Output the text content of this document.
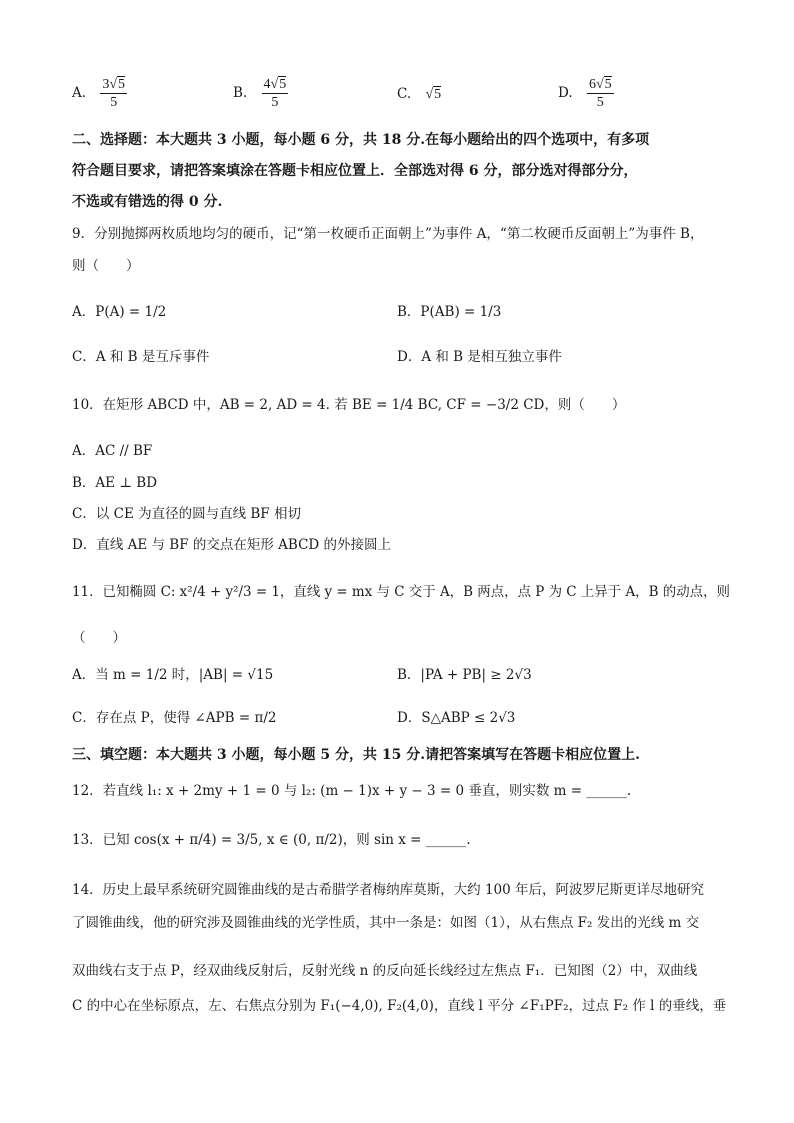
A. $\frac{3√5}{5}$	B. $\frac{4√5}{5}$	C. √5	D. $\frac{6√5}{5}$
二、选择题：本大题共 3 小题，每小题 6 分，共 18 分.在每小题给出的四个选项中，有多项
符合题目要求，请把答案填涂在答题卡相应位置上．全部选对得 6 分，部分选对得部分分，
不选或有错选的得 0 分.
9．分别抛掷两枚质地均匀的硬币，记“第一枚硬币正面朝上”为事件 A，“第二枚硬币反面朝上”为事件 B，
则（　　）
A．P(A) = 1/2	B．P(AB) = 1/3
C．A 和 B 是互斥事件	D．A 和 B 是相互独立事件
10．在矩形 ABCD 中，AB = 2, AD = 4. 若 BE = 1/4 BC, CF = −3/2 CD，则（　　）
A．AC // BF
B．AE ⊥ BD
C．以 CE 为直径的圆与直线 BF 相切
D．直线 AE 与 BF 的交点在矩形 ABCD 的外接圆上
11．已知椭圆 C: x²/4 + y²/3 = 1，直线 y = mx 与 C 交于 A，B 两点，点 P 为 C 上异于 A，B 的动点，则
（　　）
A．当 m = 1/2 时，|AB| = √15	B．|PA + PB| ≥ 2√3
C．存在点 P，使得 ∠APB = π/2	D．S△ABP ≤ 2√3
三、填空题：本大题共 3 小题，每小题 5 分，共 15 分.请把答案填写在答题卡相应位置上.
12．若直线 l₁: x + 2my + 1 = 0 与 l₂: (m − 1)x + y − 3 = 0 垂直，则实数 m = ______.
13．已知 cos(x + π/4) = 3/5, x ∈ (0, π/2)，则 sin x = ______.
14．历史上最早系统研究圆锥曲线的是古希腊学者梅纳库莫斯，大约 100 年后，阿波罗尼斯更详尽地研究
了圆锥曲线，他的研究涉及圆锥曲线的光学性质，其中一条是：如图（1），从右焦点 F₂ 发出的光线 m 交
双曲线右支于点 P，经双曲线反射后，反射光线 n 的反向延长线经过左焦点 F₁．已知图（2）中，双曲线
C 的中心在坐标原点，左、右焦点分别为 F₁(−4,0), F₂(4,0)，直线 l 平分 ∠F₁PF₂，过点 F₂ 作 l 的垂线，垂
